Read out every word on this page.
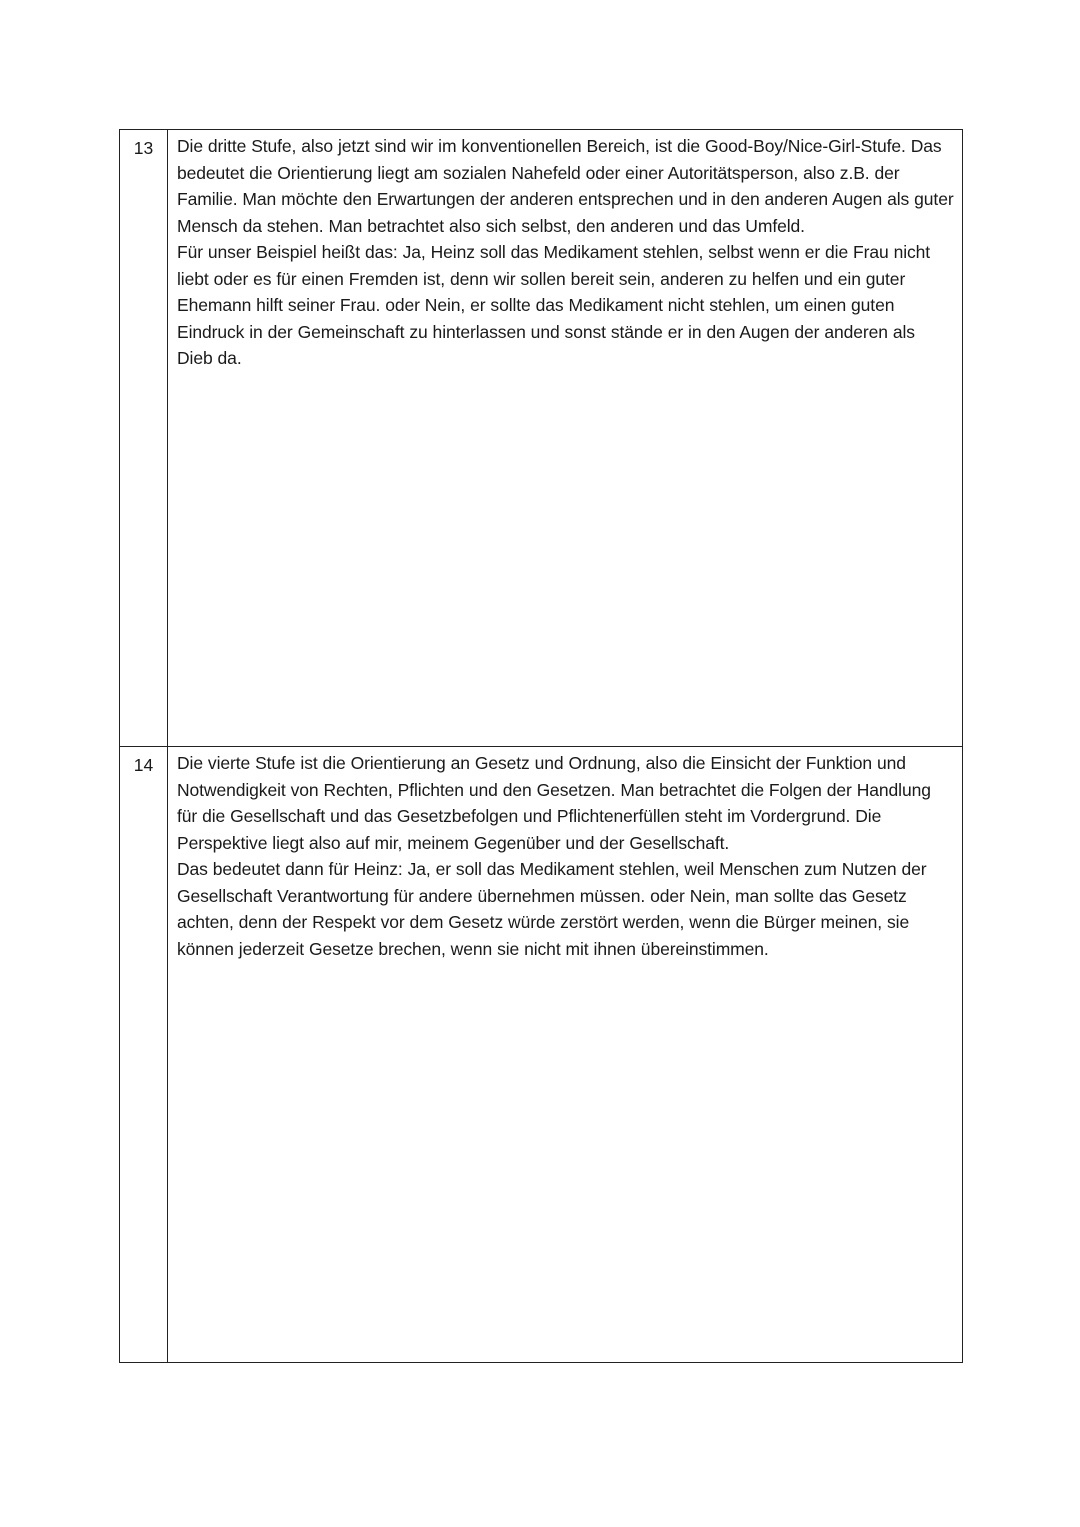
13	Die dritte Stufe, also jetzt sind wir im konventionellen Bereich, ist die Good-Boy/Nice-Girl-Stufe. Das bedeutet die Orientierung liegt am sozialen Nahefeld oder einer Autoritätsperson, also z.B. der Familie. Man möchte den Erwartungen der anderen entsprechen und in den anderen Augen als guter Mensch da stehen. Man betrachtet also sich selbst, den anderen und das Umfeld.

Für unser Beispiel heißt das: Ja, Heinz soll das Medikament stehlen, selbst wenn er die Frau nicht liebt oder es für einen Fremden ist, denn wir sollen bereit sein, anderen zu helfen und ein guter Ehemann hilft seiner Frau. oder Nein, er sollte das Medikament nicht stehlen, um einen guten Eindruck in der Gemeinschaft zu hinterlassen und sonst stände er in den Augen der anderen als Dieb da.

14	Die vierte Stufe ist die Orientierung an Gesetz und Ordnung, also die Einsicht der Funktion und Notwendigkeit von Rechten, Pflichten und den Gesetzen. Man betrachtet die Folgen der Handlung für die Gesellschaft und das Gesetzbefolgen und Pflichtenerfüllen steht im Vordergrund. Die Perspektive liegt also auf mir, meinem Gegenüber und der Gesellschaft.

Das bedeutet dann für Heinz: Ja, er soll das Medikament stehlen, weil Menschen zum Nutzen der Gesellschaft Verantwortung für andere übernehmen müssen. oder Nein, man sollte das Gesetz achten, denn der Respekt vor dem Gesetz würde zerstört werden, wenn die Bürger meinen, sie können jederzeit Gesetze brechen, wenn sie nicht mit ihnen übereinstimmen.
